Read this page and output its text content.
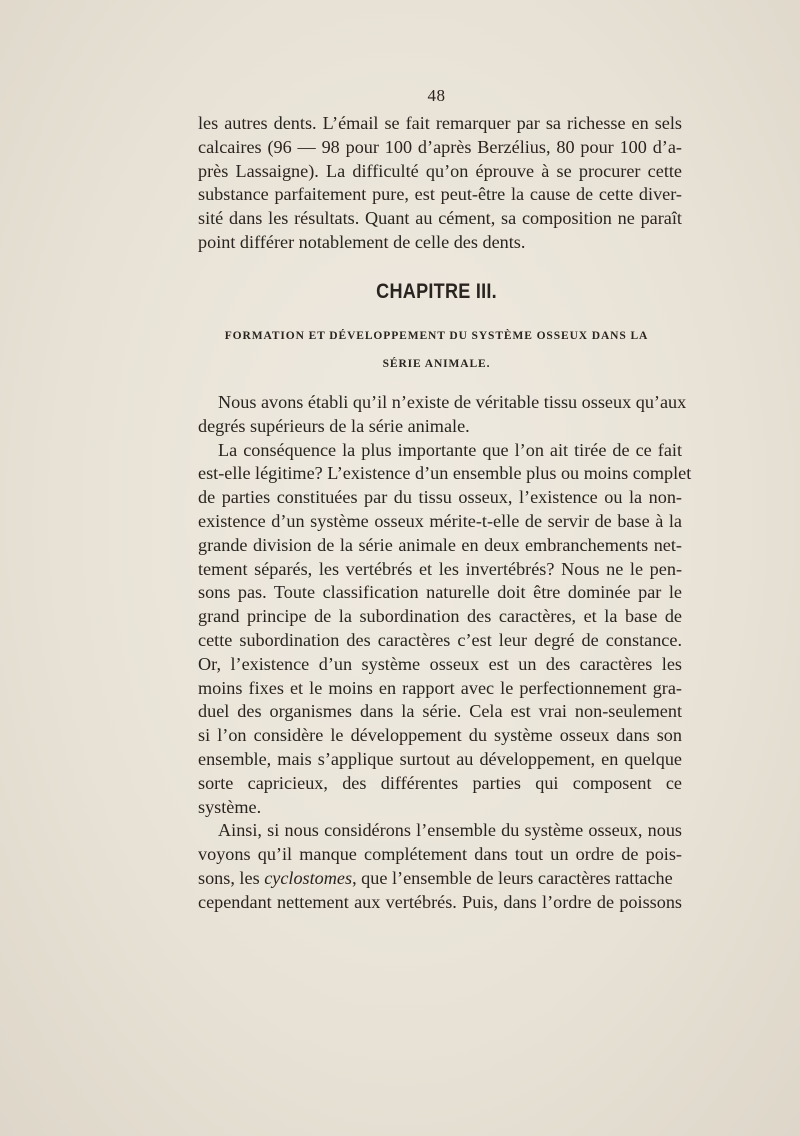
48
les autres dents. L’émail se fait remarquer par sa richesse en sels
calcaires (96 — 98 pour 100 d’après Berzélius, 80 pour 100 d’a-
près Lassaigne). La difficulté qu’on éprouve à se procurer cette
substance parfaitement pure, est peut-être la cause de cette diver-
sité dans les résultats. Quant au cément, sa composition ne paraît
point différer notablement de celle des dents.
CHAPITRE III.
FORMATION ET DÉVELOPPEMENT DU SYSTÈME OSSEUX DANS LA
SÉRIE ANIMALE.
Nous avons établi qu’il n’existe de véritable tissu osseux qu’aux
degrés supérieurs de la série animale.
La conséquence la plus importante que l’on ait tirée de ce fait
est-elle légitime? L’existence d’un ensemble plus ou moins complet
de parties constituées par du tissu osseux, l’existence ou la non-
existence d’un système osseux mérite-t-elle de servir de base à la
grande division de la série animale en deux embranchements net-
tement séparés, les vertébrés et les invertébrés? Nous ne le pen-
sons pas. Toute classification naturelle doit être dominée par le
grand principe de la subordination des caractères, et la base de
cette subordination des caractères c’est leur degré de constance.
Or, l’existence d’un système osseux est un des caractères les
moins fixes et le moins en rapport avec le perfectionnement gra-
duel des organismes dans la série. Cela est vrai non-seulement
si l’on considère le développement du système osseux dans son
ensemble, mais s’applique surtout au développement, en quelque
sorte capricieux, des différentes parties qui composent ce
système.
Ainsi, si nous considérons l’ensemble du système osseux, nous
voyons qu’il manque complétement dans tout un ordre de pois-
sons, les cyclostomes, que l’ensemble de leurs caractères rattache
cependant nettement aux vertébrés. Puis, dans l’ordre de poissons
